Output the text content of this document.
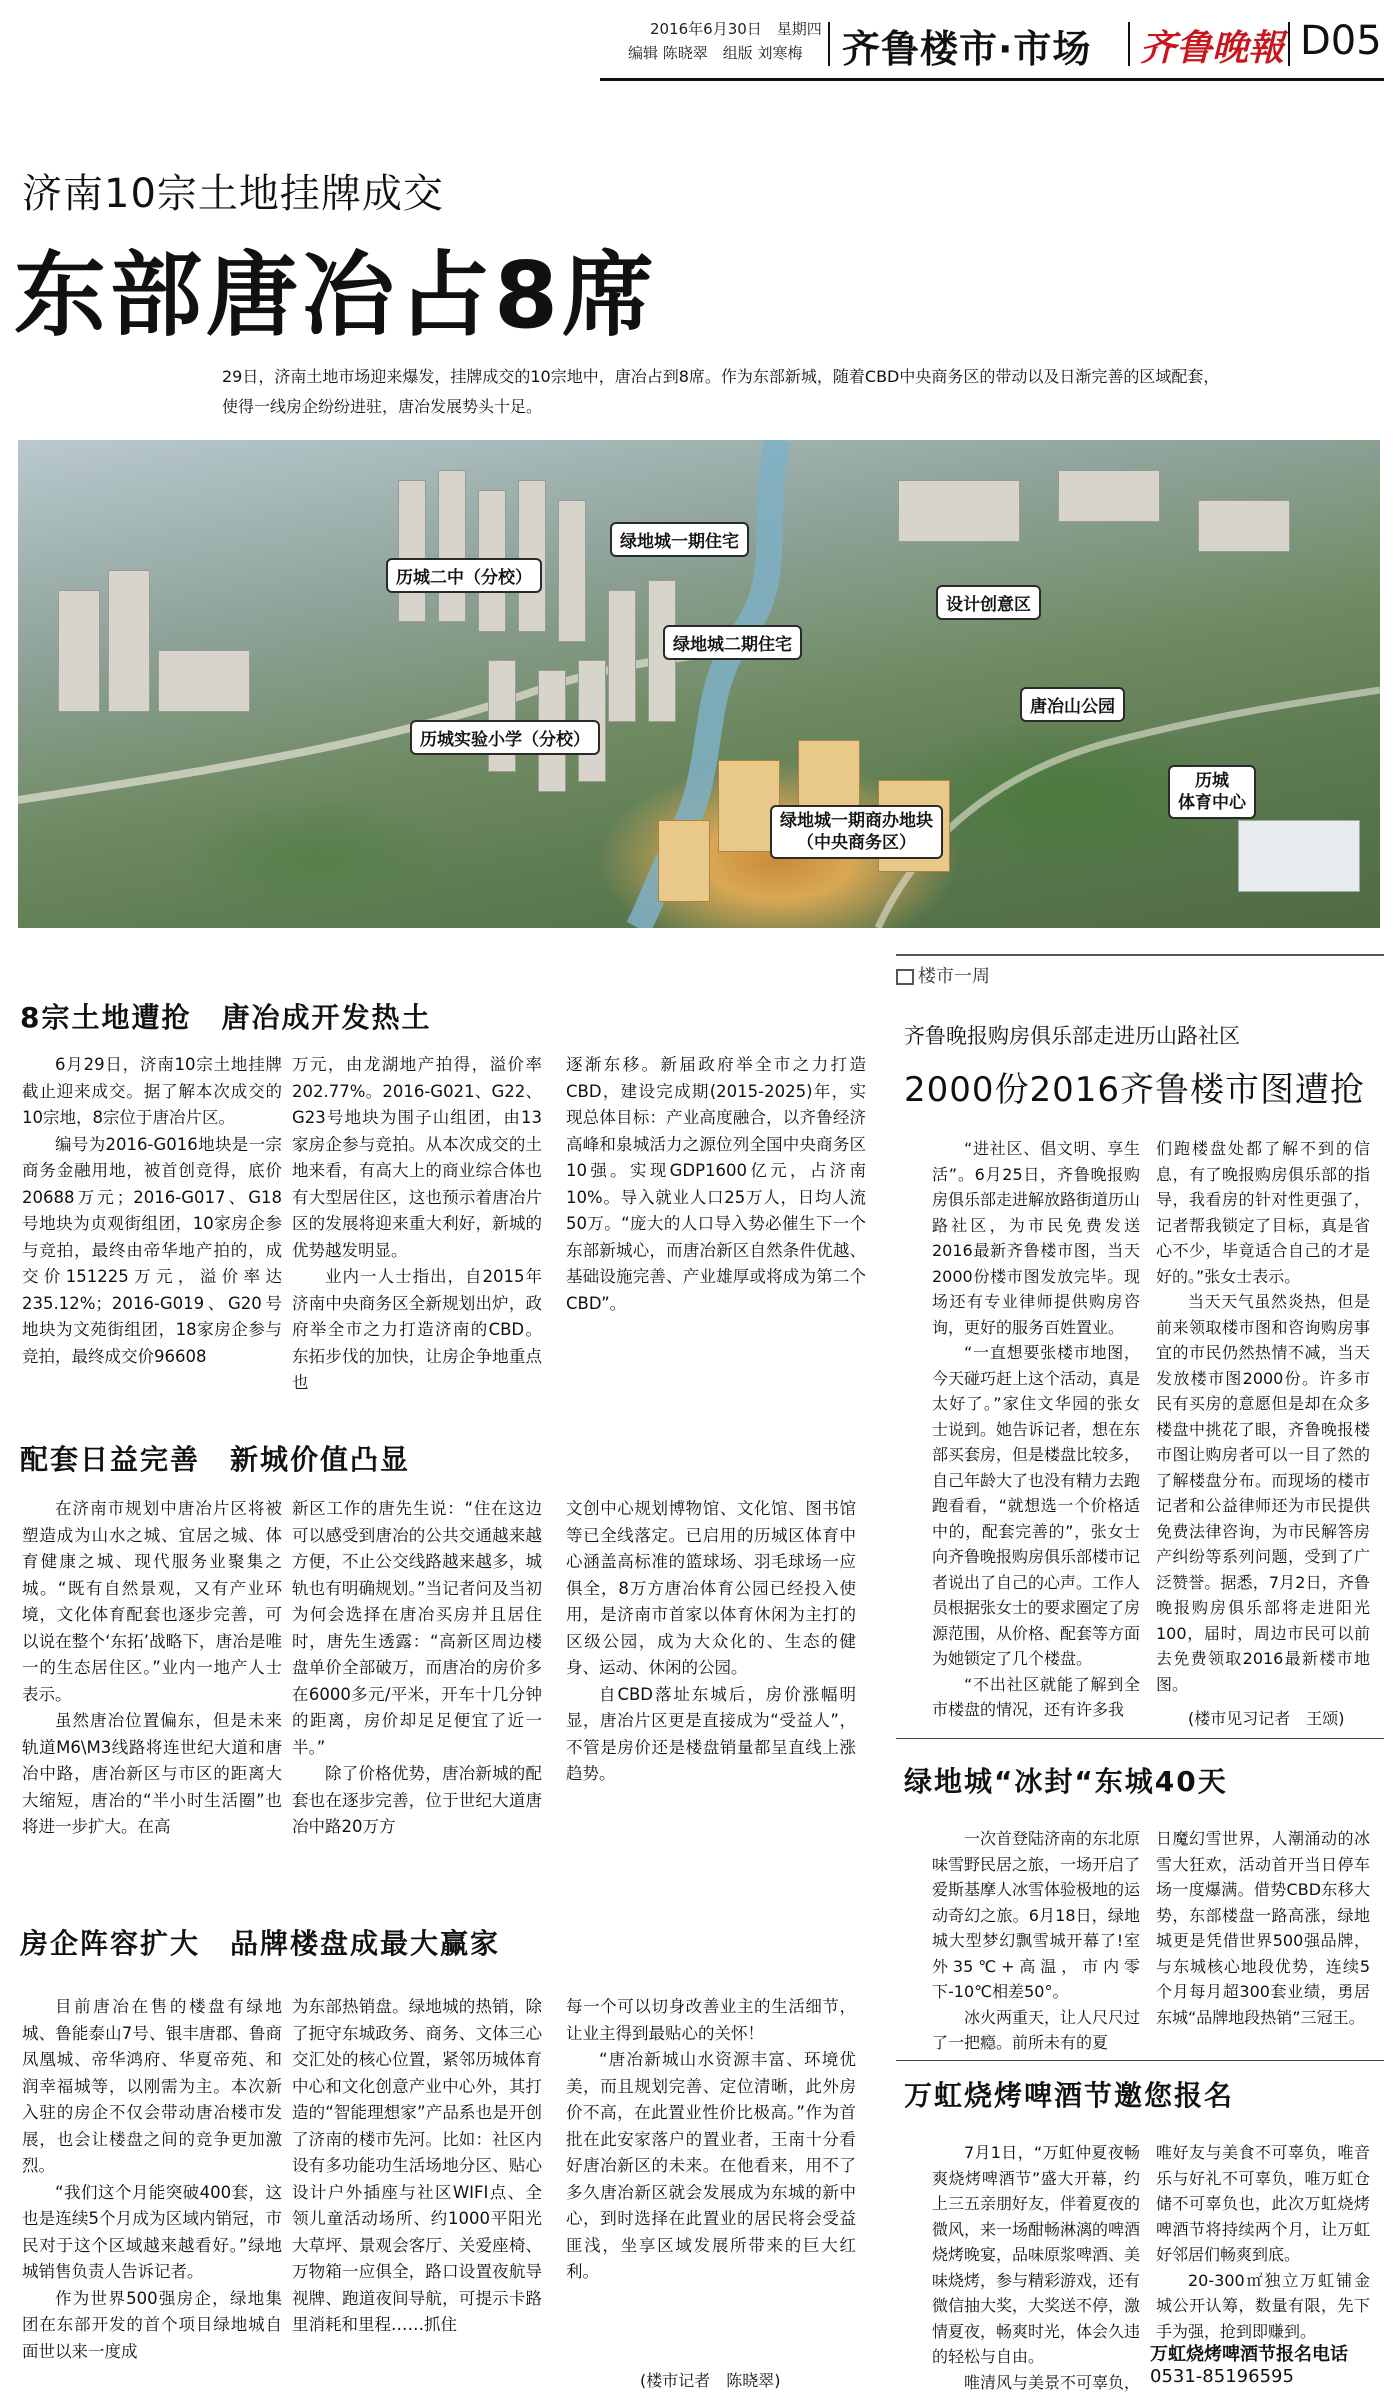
2016年6月30日　星期四
编辑 陈晓翠　组版 刘寒梅 齐鲁楼市·市场 齐鲁晚報 D05
济南10宗土地挂牌成交
东部唐冶占8席
29日，济南土地市场迎来爆发，挂牌成交的10宗地中，唐冶占到8席。作为东部新城，随着CBD中央商务区的带动以及日渐完善的区域配套，使得一线房企纷纷进驻，唐冶发展势头十足。
绿地城一期住宅
历城二中（分校）
绿地城二期住宅
设计创意区
历城实验小学（分校）
唐冶山公园
绿地城一期商办地块
（中央商务区）
历城
体育中心
楼市一周
8宗土地遭抢　唐冶成开发热土

6月29日，济南10宗土地挂牌截止迎来成交。据了解本次成交的10宗地，8宗位于唐冶片区。

编号为2016-G016地块是一宗商务金融用地，被首创竞得，底价20688万元；2016-G017、G18号地块为贞观街组团，10家房企参与竞拍，最终由帝华地产拍的，成交价151225万元，溢价率达235.12%；2016-G019、G20号地块为文苑街组团，18家房企参与竞拍，最终成交价96608

万元，由龙湖地产拍得，溢价率202.77%。2016-G021、G22、G23号地块为围子山组团，由13家房企参与竞拍。从本次成交的土地来看，有高大上的商业综合体也有大型居住区，这也预示着唐冶片区的发展将迎来重大利好，新城的优势越发明显。

业内一人士指出，自2015年济南中央商务区全新规划出炉，政府举全市之力打造济南的CBD。东拓步伐的加快，让房企争地重点也

逐渐东移。新届政府举全市之力打造CBD，建设完成期(2015-2025)年，实现总体目标：产业高度融合，以齐鲁经济高峰和泉城活力之源位列全国中央商务区10强。实现GDP1600亿元，占济南10%。导入就业人口25万人，日均人流50万。“庞大的人口导入势必催生下一个东部新城心，而唐冶新区自然条件优越、基础设施完善、产业雄厚或将成为第二个CBD”。

配套日益完善　新城价值凸显

在济南市规划中唐冶片区将被塑造成为山水之城、宜居之城、体育健康之城、现代服务业聚集之城。“既有自然景观，又有产业环境，文化体育配套也逐步完善，可以说在整个‘东拓’战略下，唐冶是唯一的生态居住区。”业内一地产人士表示。

虽然唐冶位置偏东，但是未来轨道M6\M3线路将连世纪大道和唐冶中路，唐冶新区与市区的距离大大缩短，唐冶的“半小时生活圈”也将进一步扩大。在高

新区工作的唐先生说：“住在这边可以感受到唐冶的公共交通越来越方便，不止公交线路越来越多，城轨也有明确规划。”当记者问及当初为何会选择在唐冶买房并且居住时，唐先生透露：“高新区周边楼盘单价全部破万，而唐冶的房价多在6000多元/平米，开车十几分钟的距离，房价却足足便宜了近一半。”

除了价格优势，唐冶新城的配套也在逐步完善，位于世纪大道唐冶中路20万方

文创中心规划博物馆、文化馆、图书馆等已全线落定。已启用的历城区体育中心涵盖高标准的篮球场、羽毛球场一应俱全，8万方唐冶体育公园已经投入使用，是济南市首家以体育休闲为主打的区级公园，成为大众化的、生态的健身、运动、休闲的公园。

自CBD落址东城后，房价涨幅明显，唐冶片区更是直接成为“受益人”，不管是房价还是楼盘销量都呈直线上涨趋势。

房企阵容扩大　品牌楼盘成最大赢家

目前唐冶在售的楼盘有绿地城、鲁能泰山7号、银丰唐郡、鲁商凤凰城、帝华鸿府、华夏帝苑、和润幸福城等，以刚需为主。本次新入驻的房企不仅会带动唐冶楼市发展，也会让楼盘之间的竞争更加激烈。

“我们这个月能突破400套，这也是连续5个月成为区域内销冠，市民对于这个区域越来越看好。”绿地城销售负责人告诉记者。

作为世界500强房企，绿地集团在东部开发的首个项目绿地城自面世以来一度成

为东部热销盘。绿地城的热销，除了扼守东城政务、商务、文体三心交汇处的核心位置，紧邻历城体育中心和文化创意产业中心外，其打造的“智能理想家”产品系也是开创了济南的楼市先河。比如：社区内设有多功能功生活场地分区、贴心设计户外插座与社区WIFI点、全领儿童活动场所、约1000平阳光大草坪、景观会客厅、关爱座椅、万物箱一应俱全，路口设置夜航导视牌、跑道夜间导航，可提示卡路里消耗和里程……抓住

每一个可以切身改善业主的生活细节，让业主得到最贴心的关怀！

“唐冶新城山水资源丰富、环境优美，而且规划完善、定位清晰，此外房价不高，在此置业性价比极高。”作为首批在此安家落户的置业者，王南十分看好唐冶新区的未来。在他看来，用不了多久唐冶新区就会发展成为东城的新中心，到时选择在此置业的居民将会受益匪浅，坐享区域发展所带来的巨大红利。

(楼市记者　陈晓翠)
齐鲁晚报购房俱乐部走进历山路社区
2000份2016齐鲁楼市图遭抢

“进社区、倡文明、享生活”。6月25日，齐鲁晚报购房俱乐部走进解放路街道历山路社区，为市民免费发送2016最新齐鲁楼市图，当天2000份楼市图发放完毕。现场还有专业律师提供购房咨询，更好的服务百姓置业。

“一直想要张楼市地图，今天碰巧赶上这个活动，真是太好了。”家住文华园的张女士说到。她告诉记者，想在东部买套房，但是楼盘比较多，自己年龄大了也没有精力去跑跑看看，“就想选一个价格适中的，配套完善的”，张女士向齐鲁晚报购房俱乐部楼市记者说出了自己的心声。工作人员根据张女士的要求圈定了房源范围，从价格、配套等方面为她锁定了几个楼盘。

“不出社区就能了解到全市楼盘的情况，还有许多我

们跑楼盘处都了解不到的信息，有了晚报购房俱乐部的指导，我看房的针对性更强了，记者帮我锁定了目标，真是省心不少，毕竟适合自己的才是好的。”张女士表示。

当天天气虽然炎热，但是前来领取楼市图和咨询购房事宜的市民仍然热情不减，当天发放楼市图2000份。许多市民有买房的意愿但是却在众多楼盘中挑花了眼，齐鲁晚报楼市图让购房者可以一目了然的了解楼盘分布。而现场的楼市记者和公益律师还为市民提供免费法律咨询，为市民解答房产纠纷等系列问题，受到了广泛赞誉。据悉，7月2日，齐鲁晚报购房俱乐部将走进阳光100，届时，周边市民可以前去免费领取2016最新楼市地图。

(楼市见习记者　王颂)
绿地城“冰封“东城40天

一次首登陆济南的东北原味雪野民居之旅，一场开启了爱斯基摩人冰雪体验极地的运动奇幻之旅。6月18日，绿地城大型梦幻飘雪城开幕了!室外35℃+高温，市内零下-10℃相差50°。

冰火两重天，让人尺尺过了一把瘾。前所未有的夏

日魔幻雪世界，人潮涌动的冰雪大狂欢，活动首开当日停车场一度爆满。借势CBD东移大势，东部楼盘一路高涨，绿地城更是凭借世界500强品牌，与东城核心地段优势，连续5个月每月超300套业绩，勇居东城“品牌地段热销”三冠王。

万虹烧烤啤酒节邀您报名

7月1日，“万虹仲夏夜畅爽烧烤啤酒节”盛大开幕，约上三五亲朋好友，伴着夏夜的微风，来一场酣畅淋漓的啤酒烧烤晚宴，品味原浆啤酒、美味烧烤，参与精彩游戏，还有微信抽大奖，大奖送不停，激情夏夜，畅爽时光，体会久违的轻松与自由。

唯清风与美景不可辜负，

唯好友与美食不可辜负，唯音乐与好礼不可辜负，唯万虹仓储不可辜负也，此次万虹烧烤啤酒节将持续两个月，让万虹好邻居们畅爽到底。

20-300㎡独立万虹铺金城公开认筹，数量有限，先下手为强，抢到即赚到。

万虹烧烤啤酒节报名电话
0531-85196595
